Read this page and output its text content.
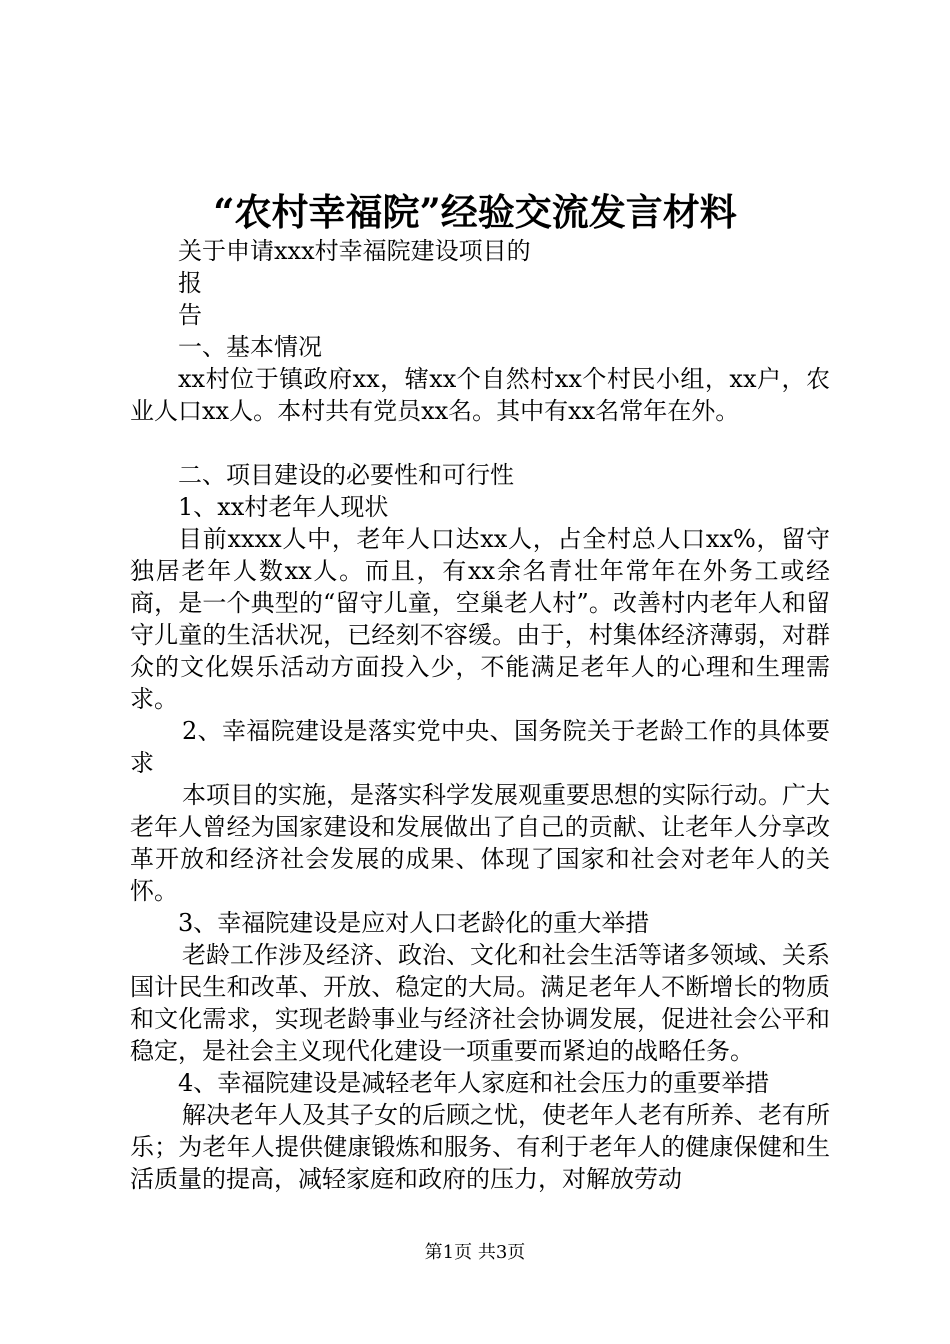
“农村幸福院”经验交流发言材料

关于申请xxx村幸福院建设项目的

报

告

一、基本情况

xx村位于镇政府xx，辖xx个自然村xx个村民小组，xx户，农业人口xx人。本村共有党员xx名。其中有xx名常年在外。

二、项目建设的必要性和可行性

1、xx村老年人现状

目前xxxx人中，老年人口达xx人，占全村总人口xx%，留守独居老年人数xx人。而且，有xx余名青壮年常年在外务工或经商，是一个典型的“留守儿童，空巢老人村”。改善村内老年人和留守儿童的生活状况，已经刻不容缓。由于，村集体经济薄弱，对群众的文化娱乐活动方面投入少，不能满足老年人的心理和生理需求。

2、幸福院建设是落实党中央、国务院关于老龄工作的具体要求

本项目的实施，是落实科学发展观重要思想的实际行动。广大老年人曾经为国家建设和发展做出了自己的贡献、让老年人分享改革开放和经济社会发展的成果、体现了国家和社会对老年人的关怀。

3、幸福院建设是应对人口老龄化的重大举措

老龄工作涉及经济、政治、文化和社会生活等诸多领域、关系国计民生和改革、开放、稳定的大局。满足老年人不断增长的物质和文化需求，实现老龄事业与经济社会协调发展，促进社会公平和稳定，是社会主义现代化建设一项重要而紧迫的战略任务。

4、幸福院建设是减轻老年人家庭和社会压力的重要举措

解决老年人及其子女的后顾之忧，使老年人老有所养、老有所乐；为老年人提供健康锻炼和服务、有利于老年人的健康保健和生活质量的提高，减轻家庭和政府的压力，对解放劳动

第1页 共3页
